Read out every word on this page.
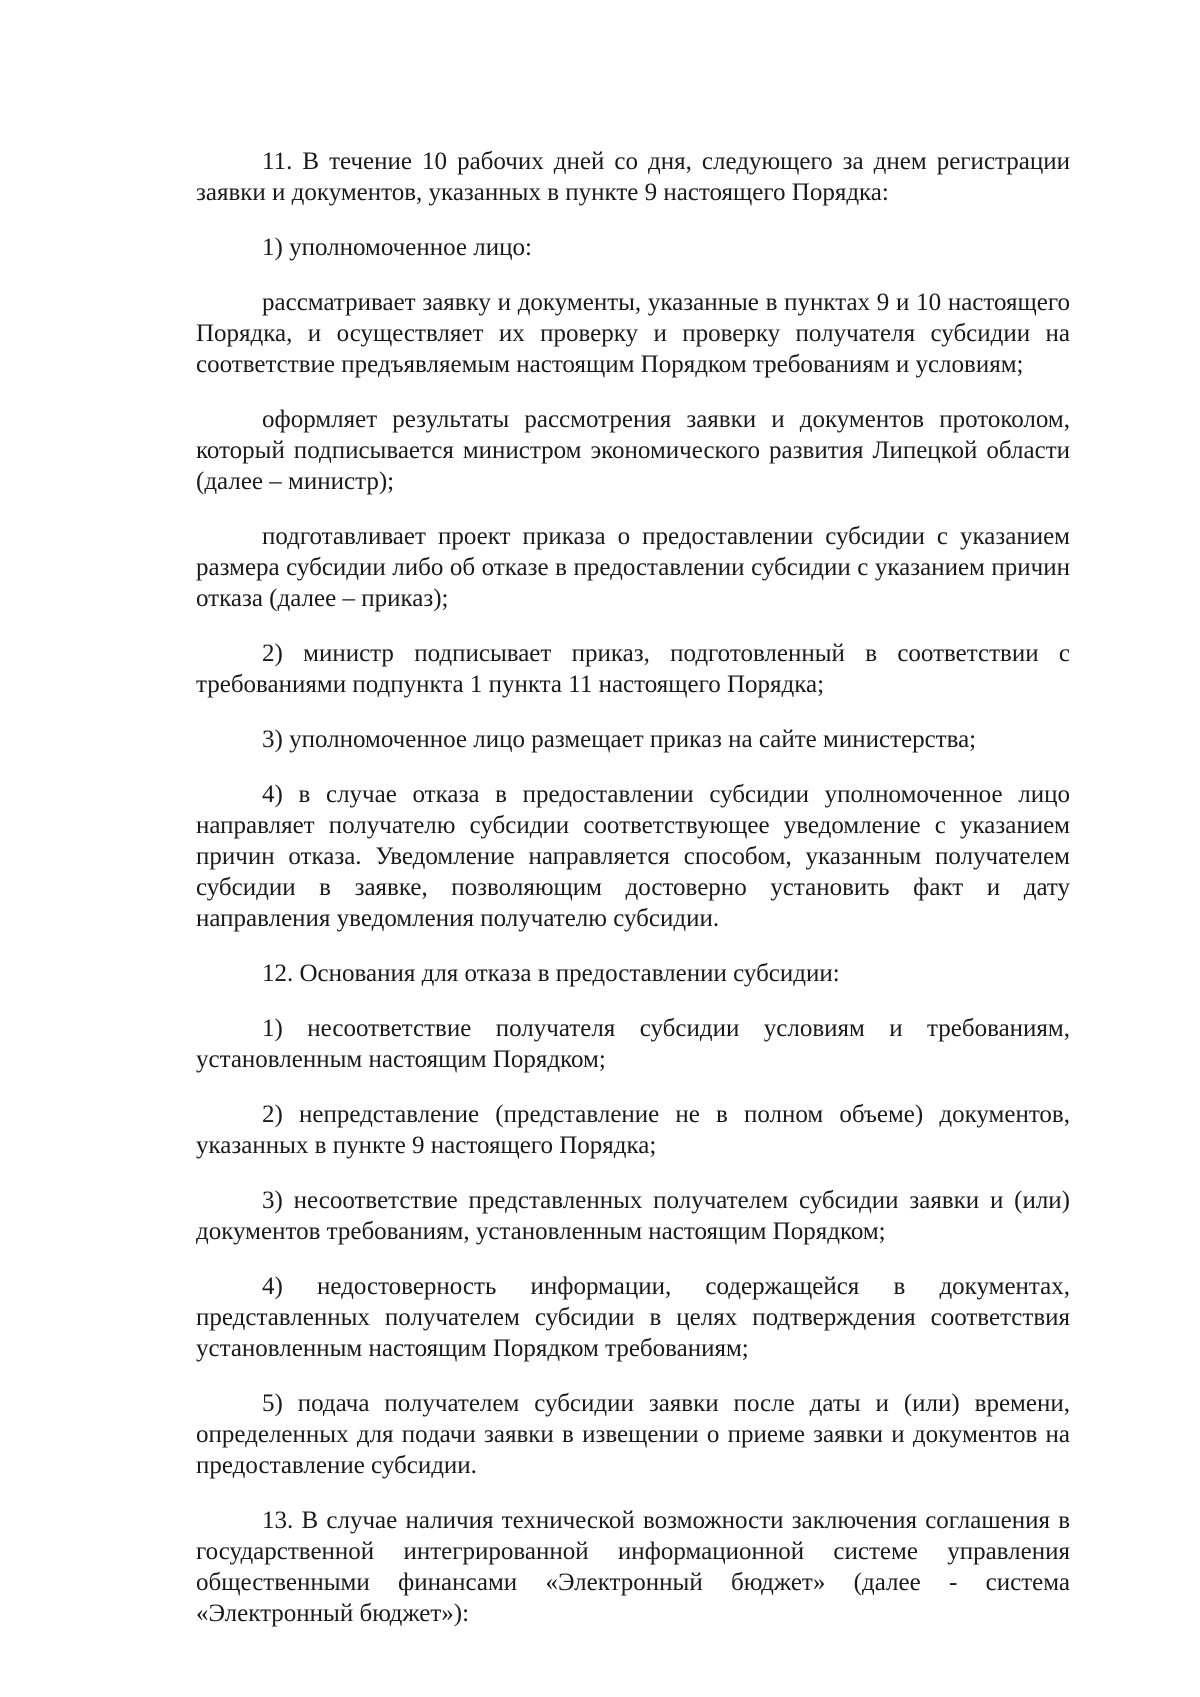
11. В течение 10 рабочих дней со дня, следующего за днем регистрации заявки и документов, указанных в пункте 9 настоящего Порядка:

1) уполномоченное лицо:

рассматривает заявку и документы, указанные в пунктах 9 и 10 настоящего Порядка, и осуществляет их проверку и проверку получателя субсидии на соответствие предъявляемым настоящим Порядком требованиям и условиям;

оформляет результаты рассмотрения заявки и документов протоколом, который подписывается министром экономического развития Липецкой области (далее – министр);

подготавливает проект приказа о предоставлении субсидии с указанием размера субсидии либо об отказе в предоставлении субсидии с указанием причин отказа (далее – приказ);

2) министр подписывает приказ, подготовленный в соответствии с требованиями подпункта 1 пункта 11 настоящего Порядка;

3) уполномоченное лицо размещает приказ на сайте министерства;

4) в случае отказа в предоставлении субсидии уполномоченное лицо направляет получателю субсидии соответствующее уведомление с указанием причин отказа. Уведомление направляется способом, указанным получателем субсидии в заявке, позволяющим достоверно установить факт и дату направления уведомления получателю субсидии.

12. Основания для отказа в предоставлении субсидии:

1) несоответствие получателя субсидии условиям и требованиям, установленным настоящим Порядком;

2) непредставление (представление не в полном объеме) документов, указанных в пункте 9 настоящего Порядка;

3) несоответствие представленных получателем субсидии заявки и (или) документов требованиям, установленным настоящим Порядком;

4) недостоверность информации, содержащейся в документах, представленных получателем субсидии в целях подтверждения соответствия установленным настоящим Порядком требованиям;

5) подача получателем субсидии заявки после даты и (или) времени, определенных для подачи заявки в извещении о приеме заявки и документов на предоставление субсидии.

13. В случае наличия технической возможности заключения соглашения в государственной интегрированной информационной системе управления общественными финансами «Электронный бюджет» (далее - система «Электронный бюджет»):
